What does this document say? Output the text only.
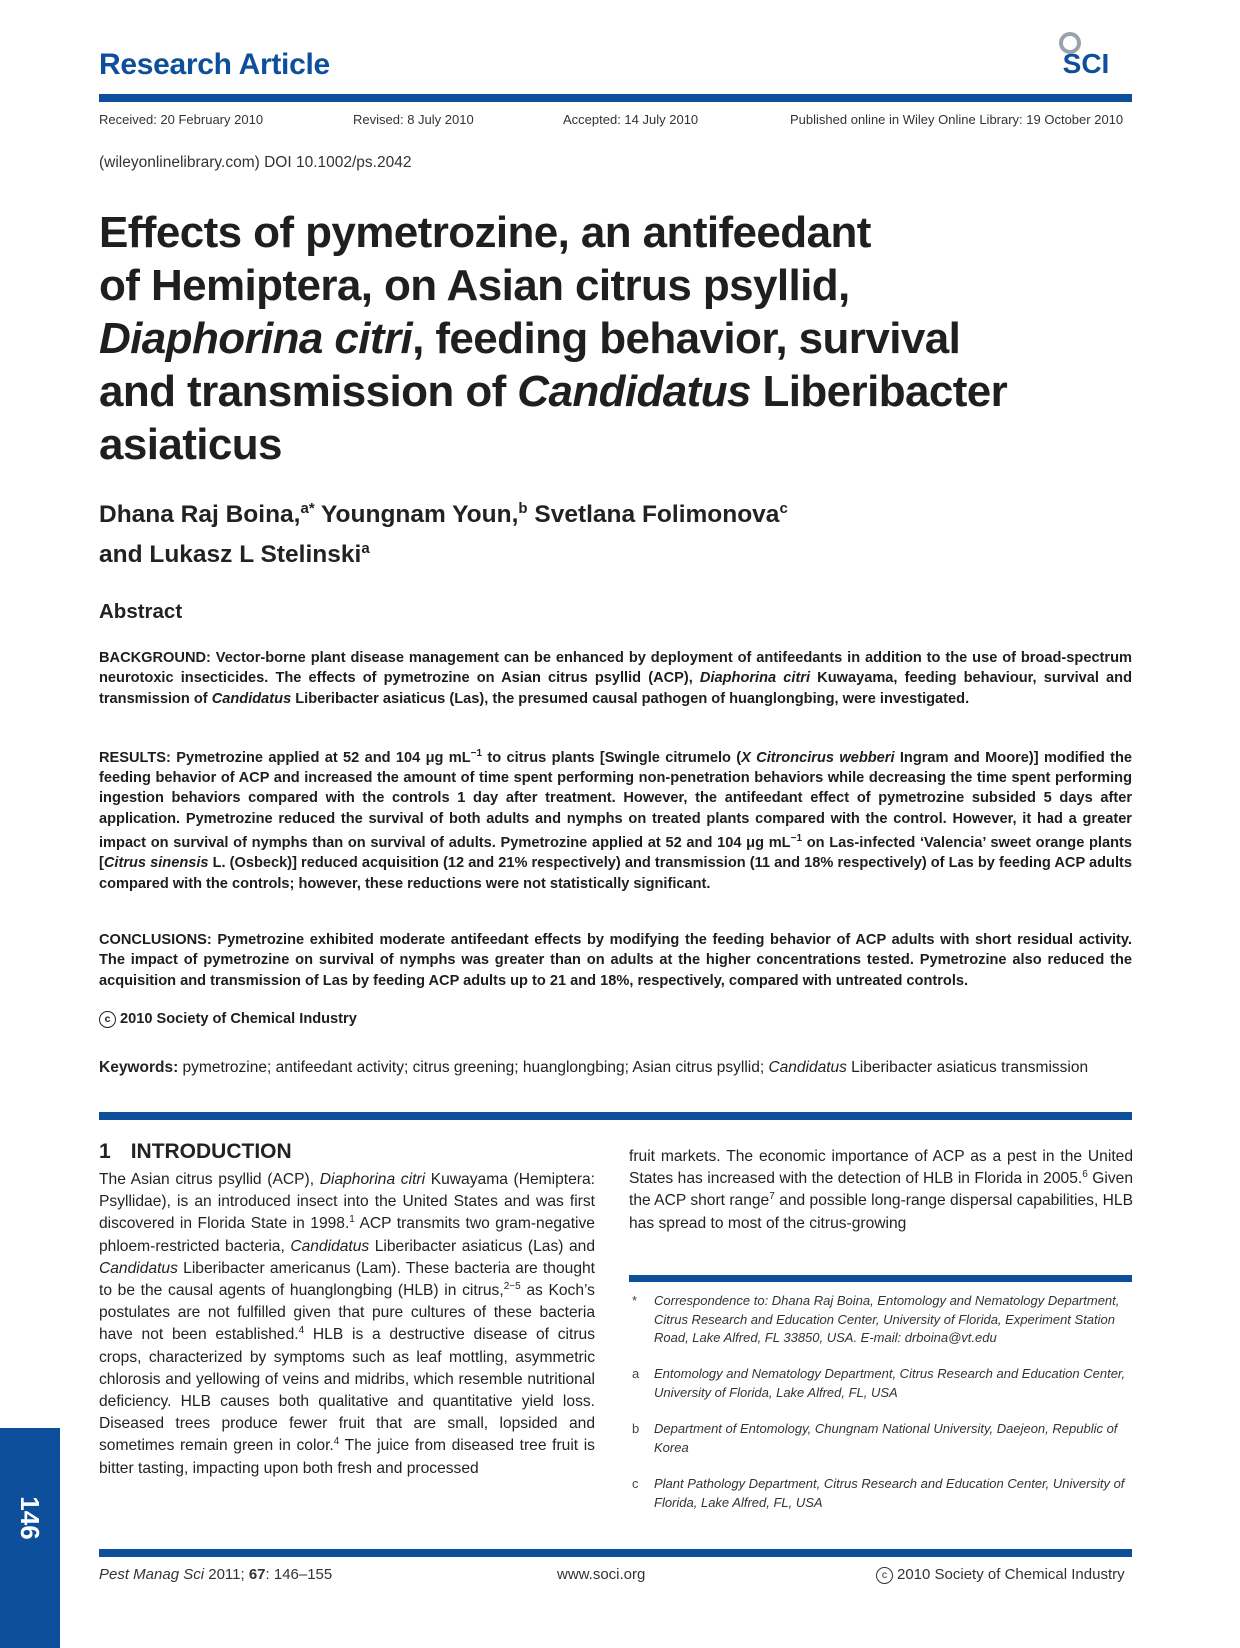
Research Article	SCI
Received: 20 February 2010	Revised: 8 July 2010	Accepted: 14 July 2010	Published online in Wiley Online Library: 19 October 2010
(wileyonlinelibrary.com) DOI 10.1002/ps.2042
Effects of pymetrozine, an antifeedant
of Hemiptera, on Asian citrus psyllid,
Diaphorina citri, feeding behavior, survival
and transmission of Candidatus Liberibacter
asiaticus
Dhana Raj Boina,$^{a*}$ Youngnam Youn,$^b$ Svetlana Folimonova$^c$
and Lukasz L Stelinski$^a$
Abstract
BACKGROUND: Vector-borne plant disease management can be enhanced by deployment of antifeedants in addition to the use of broad-spectrum neurotoxic insecticides. The effects of pymetrozine on Asian citrus psyllid (ACP), Diaphorina citri Kuwayama, feeding behaviour, survival and transmission of Candidatus Liberibacter asiaticus (Las), the presumed causal pathogen of huanglongbing, were investigated.
RESULTS: Pymetrozine applied at 52 and 104 μg $mL^{-1}$ to citrus plants [Swingle citrumelo (X Citroncirus webberi Ingram and Moore)] modified the feeding behavior of ACP and increased the amount of time spent performing non-penetration behaviors while decreasing the time spent performing ingestion behaviors compared with the controls 1 day after treatment. However, the antifeedant effect of pymetrozine subsided 5 days after application. Pymetrozine reduced the survival of both adults and nymphs on treated plants compared with the control. However, it had a greater impact on survival of nymphs than on survival of adults. Pymetrozine applied at 52 and 104 μg $mL^{-1}$ on Las-infected ‘Valencia’ sweet orange plants [Citrus sinensis L. (Osbeck)] reduced acquisition (12 and 21% respectively) and transmission (11 and 18% respectively) of Las by feeding ACP adults compared with the controls; however, these reductions were not statistically significant.
CONCLUSIONS: Pymetrozine exhibited moderate antifeedant effects by modifying the feeding behavior of ACP adults with short residual activity. The impact of pymetrozine on survival of nymphs was greater than on adults at the higher concentrations tested. Pymetrozine also reduced the acquisition and transmission of Las by feeding ACP adults up to 21 and 18%, respectively, compared with untreated controls.
c 2010 Society of Chemical Industry
Keywords: pymetrozine; antifeedant activity; citrus greening; huanglongbing; Asian citrus psyllid; Candidatus Liberibacter asiaticus transmission
1 INTRODUCTION
The Asian citrus psyllid (ACP), Diaphorina citri Kuwayama (Hemiptera: Psyllidae), is an introduced insect into the United States and was first discovered in Florida State in 1998.$^1$ ACP transmits two gram-negative phloem-restricted bacteria, Candidatus Liberibacter asiaticus (Las) and Candidatus Liberibacter americanus (Lam). These bacteria are thought to be the causal agents of huanglongbing (HLB) in citrus,$^{2-5}$ as Koch’s postulates are not fulfilled given that pure cultures of these bacteria have not been established.$^4$ HLB is a destructive disease of citrus crops, characterized by symptoms such as leaf mottling, asymmetric chlorosis and yellowing of veins and midribs, which resemble nutritional deficiency. HLB causes both qualitative and quantitative yield loss. Diseased trees produce fewer fruit that are small, lopsided and sometimes remain green in color.$^4$ The juice from diseased tree fruit is bitter tasting, impacting upon both fresh and processed
fruit markets. The economic importance of ACP as a pest in the United States has increased with the detection of HLB in Florida in 2005.$^6$ Given the ACP short range$^7$ and possible long-range dispersal capabilities, HLB has spread to most of the citrus-growing
* Correspondence to: Dhana Raj Boina, Entomology and Nematology Department, Citrus Research and Education Center, University of Florida, Experiment Station Road, Lake Alfred, FL 33850, USA. E-mail: drboina@vt.edu
a Entomology and Nematology Department, Citrus Research and Education Center, University of Florida, Lake Alfred, FL, USA
b Department of Entomology, Chungnam National University, Daejeon, Republic of Korea
c Plant Pathology Department, Citrus Research and Education Center, University of Florida, Lake Alfred, FL, USA
146
Pest Manag Sci 2011; 67: 146–155	www.soci.org	c 2010 Society of Chemical Industry
